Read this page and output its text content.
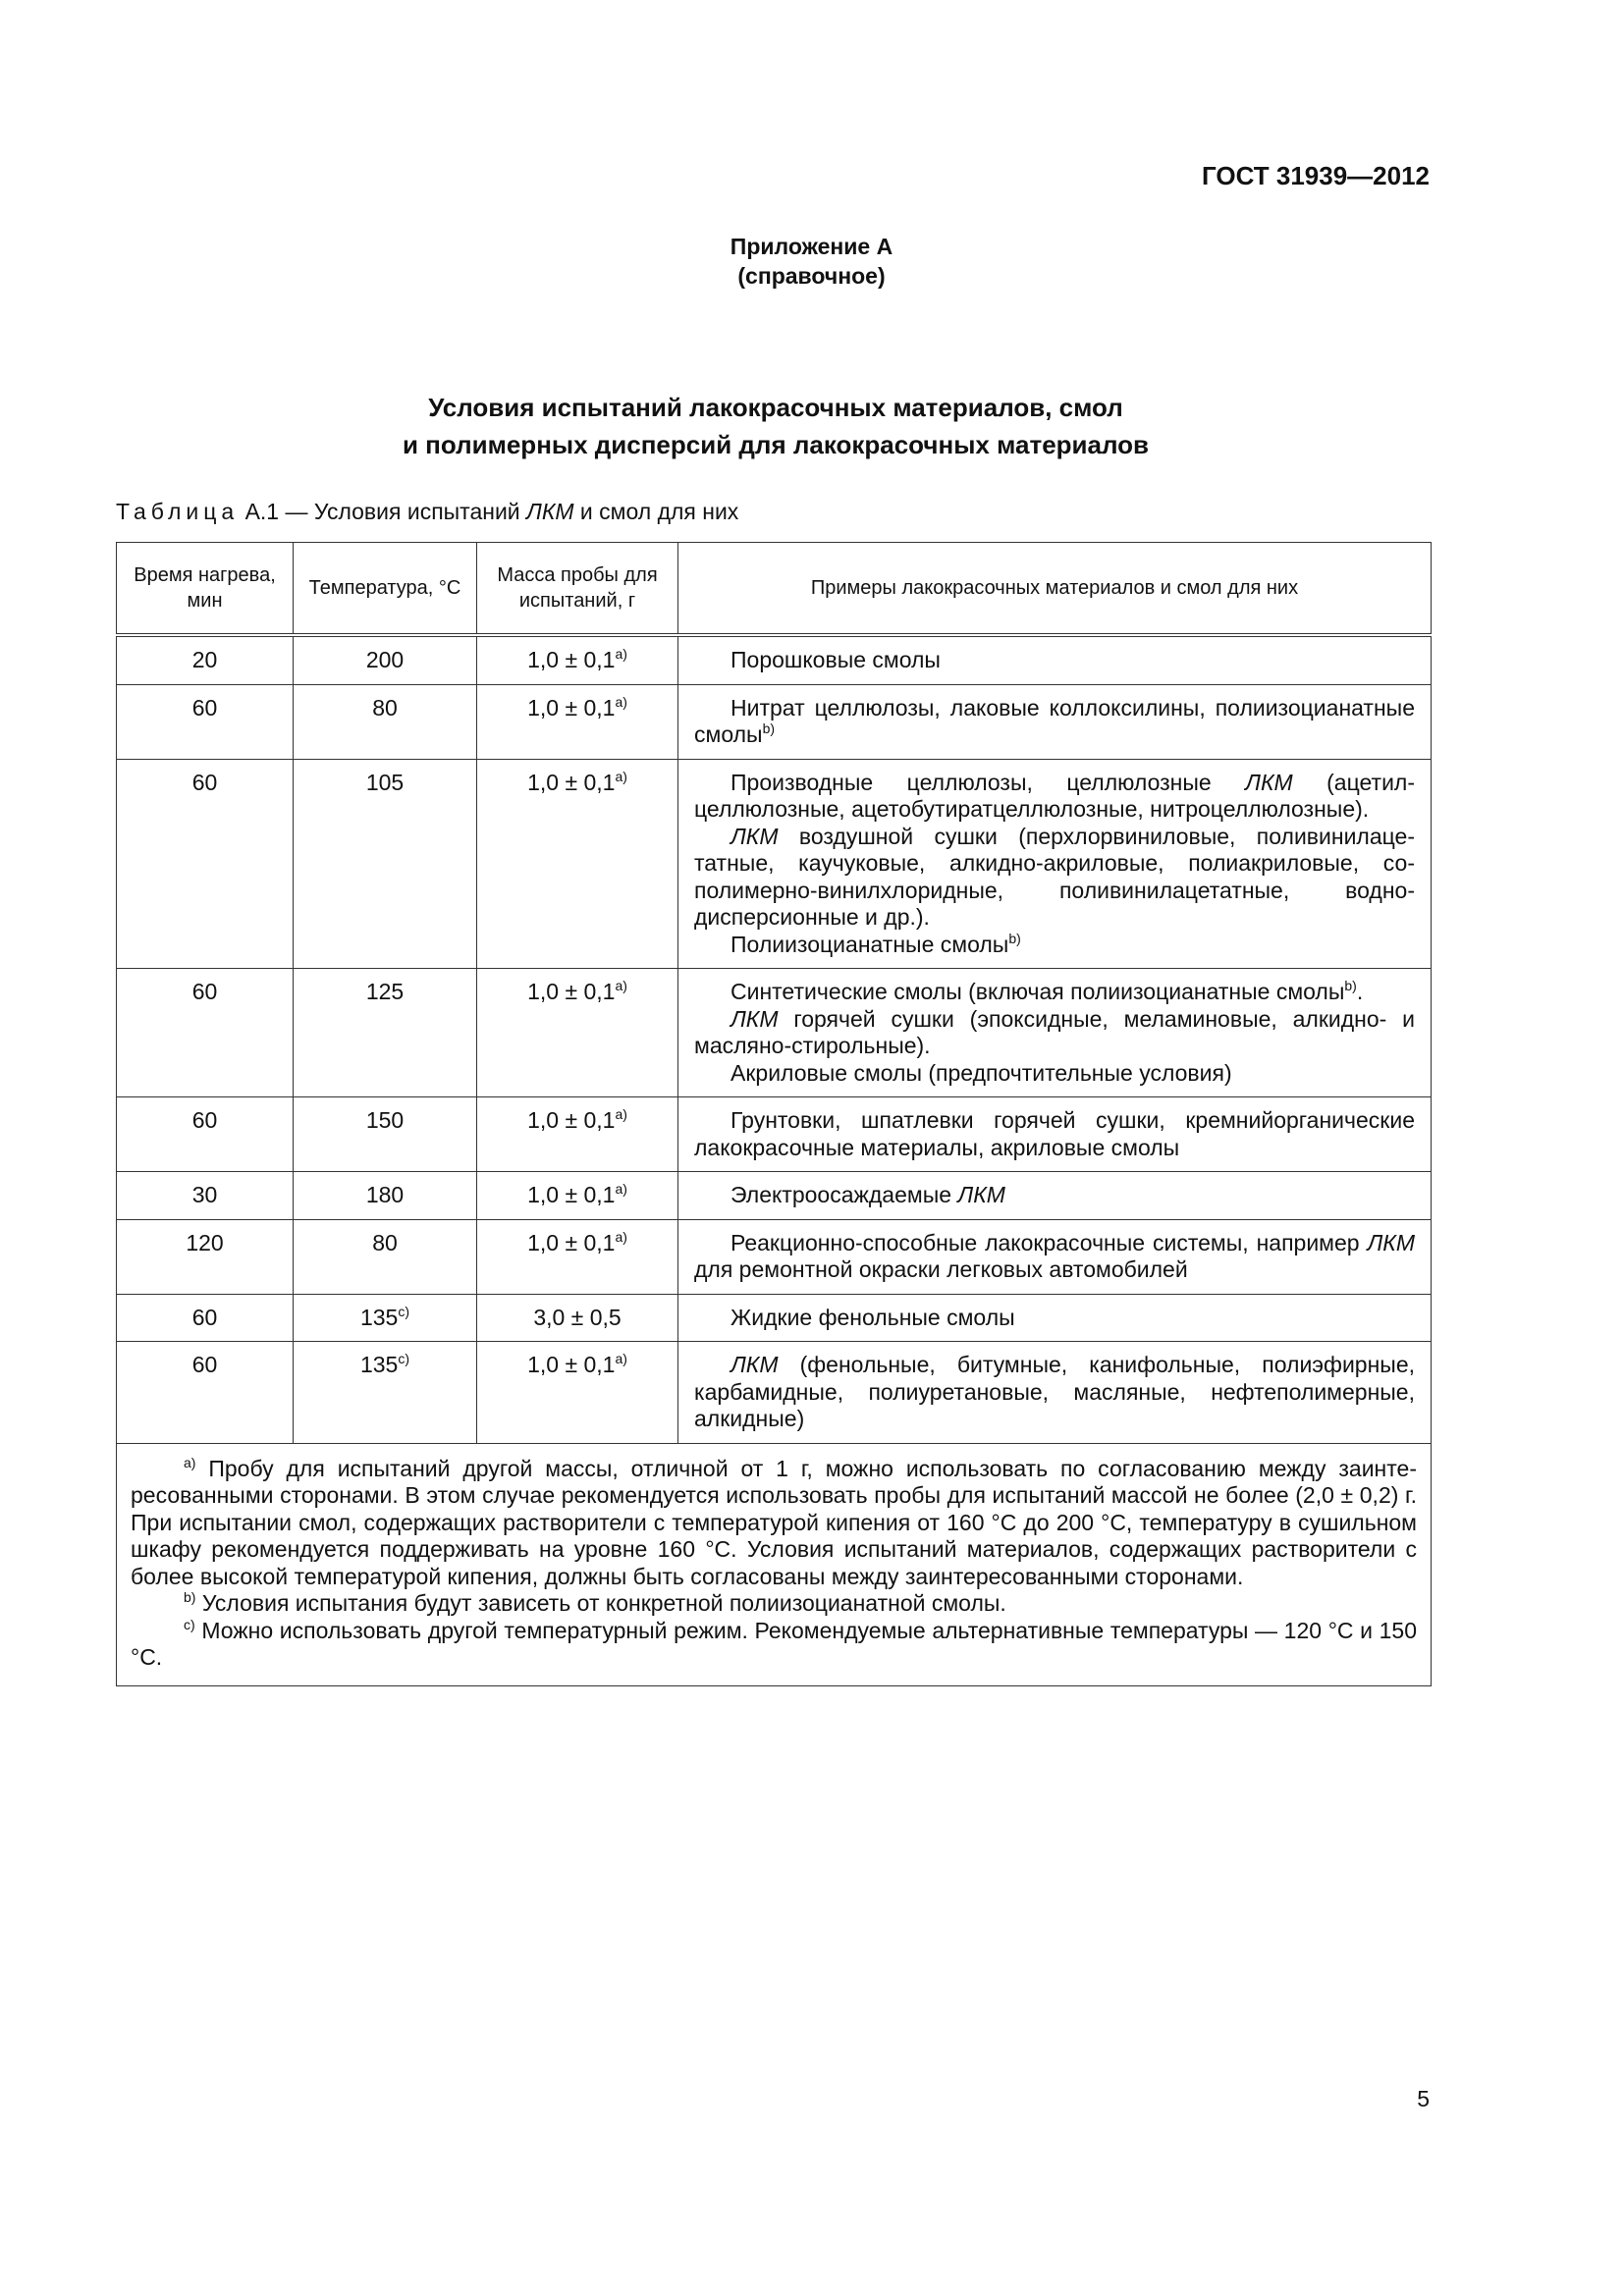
ГОСТ 31939—2012
Приложение А
(справочное)
Условия испытаний лакокрасочных материалов, смол
и полимерных дисперсий для лакокрасочных материалов
Таблица А.1 — Условия испытаний ЛКМ и смол для них
Время нагрева, мин	Температура, °С	Масса пробы для испытаний, г	Примеры лакокрасочных материалов и смол для них
20	200	$1,0 \pm 0,1^{a)}$	Порошковые смолы

60	80	$1,0 \pm 0,1^{a)}$	Нитрат целлюлозы, лаковые коллоксилины, полиизоцианатные смолы$^{b)}$

60	105	$1,0 \pm 0,1^{a)}$	Производные целлюлозы, целлюлозные ЛКМ (ацетилцеллюлозные, ацетобутиратцеллюлозные, нитроцеллюлозные).
ЛКМ воздушной сушки (перхлорвиниловые, поливинилацетатные, каучуковые, алкидно-акриловые, полиакриловые, сополимерно-винилхлоридные, поливинилацетатные, воднодисперсионные и др.).
Полиизоцианатные смолы$^{b)}$

60	125	$1,0 \pm 0,1^{a)}$	Синтетические смолы (включая полиизоцианатные смолы$^{b)}$.
ЛКМ горячей сушки (эпоксидные, меламиновые, алкидно- и масляно-стирольные).
Акриловые смолы (предпочтительные условия)

60	150	$1,0 \pm 0,1^{a)}$	Грунтовки, шпатлевки горячей сушки, кремнийорганические лакокрасочные материалы, акриловые смолы

30	180	$1,0 \pm 0,1^{a)}$	Электроосаждаемые ЛКМ

120	80	$1,0 \pm 0,1^{a)}$	Реакционно-способные лакокрасочные системы, например ЛКМ для ремонтной окраски легковых автомобилей

60	135$^{c)}$	3,0 ± 0,5	Жидкие фенольные смолы

60	135$^{c)}$	$1,0 \pm 0,1^{a)}$	ЛКМ (фенольные, битумные, канифольные, полиэфирные, карбамидные, полиуретановые, масляные, нефтеполимерные, алкидные)

$^{a)}$ Пробу для испытаний другой массы, отличной от 1 г, можно использовать по согласованию между заинтересованными сторонами. В этом случае рекомендуется использовать пробы для испытаний массой не более (2,0 ± 0,2) г. При испытании смол, содержащих растворители с температурой кипения от 160 °С до 200 °С, температуру в сушильном шкафу рекомендуется поддерживать на уровне 160 °С. Условия испытаний материалов, содержащих растворители с более высокой температурой кипения, должны быть согласованы между заинтересованными сторонами.
$^{b)}$ Условия испытания будут зависеть от конкретной полиизоцианатной смолы.
$^{c)}$ Можно использовать другой температурный режим. Рекомендуемые альтернативные температуры — 120 °С и 150 °С.			
5
